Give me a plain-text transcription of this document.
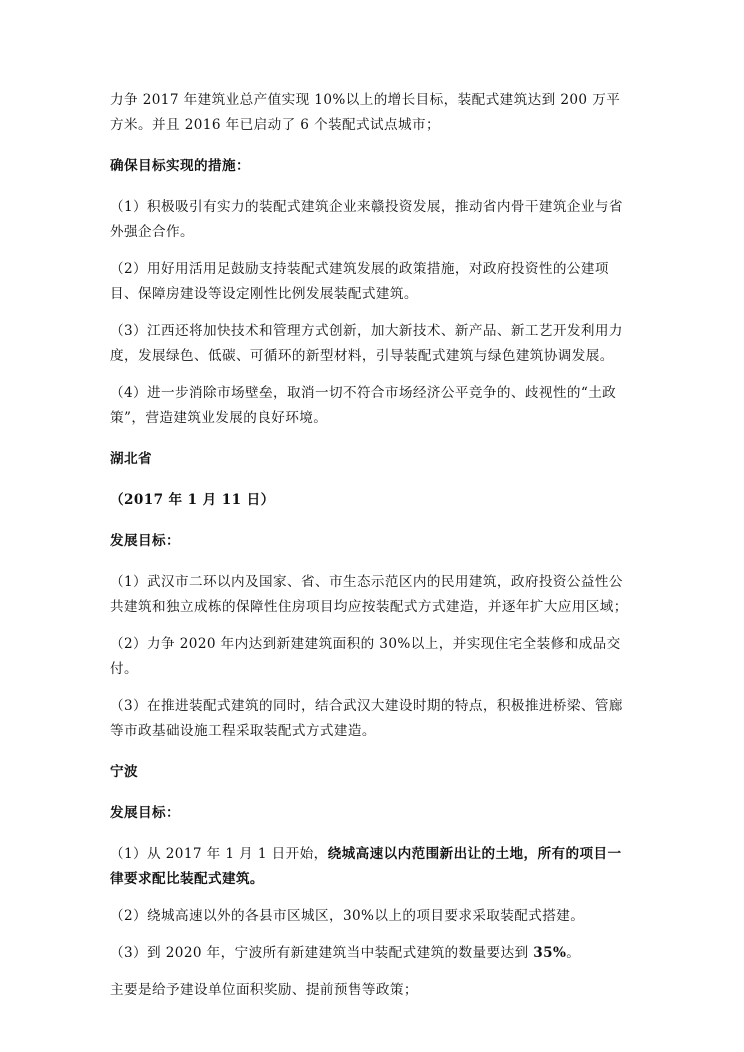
力争 2017 年建筑业总产值实现 10%以上的增长目标，装配式建筑达到 200 万平方米。并且 2016 年已启动了 6 个装配式试点城市；

确保目标实现的措施：

（1）积极吸引有实力的装配式建筑企业来赣投资发展，推动省内骨干建筑企业与省外强企合作。

（2）用好用活用足鼓励支持装配式建筑发展的政策措施，对政府投资性的公建项目、保障房建设等设定刚性比例发展装配式建筑。

（3）江西还将加快技术和管理方式创新，加大新技术、新产品、新工艺开发利用力度，发展绿色、低碳、可循环的新型材料，引导装配式建筑与绿色建筑协调发展。

（4）进一步消除市场壁垒，取消一切不符合市场经济公平竞争的、歧视性的“土政策”，营造建筑业发展的良好环境。

湖北省

（2017 年 1 月 11 日）

发展目标：

（1）武汉市二环以内及国家、省、市生态示范区内的民用建筑，政府投资公益性公共建筑和独立成栋的保障性住房项目均应按装配式方式建造，并逐年扩大应用区域；

（2）力争 2020 年内达到新建建筑面积的 30%以上，并实现住宅全装修和成品交付。

（3）在推进装配式建筑的同时，结合武汉大建设时期的特点，积极推进桥梁、管廊等市政基础设施工程采取装配式方式建造。

宁波

发展目标：

（1）从 2017 年 1 月 1 日开始，绕城高速以内范围新出让的土地，所有的项目一律要求配比装配式建筑。

（2）绕城高速以外的各县市区城区，30%以上的项目要求采取装配式搭建。

（3）到 2020 年，宁波所有新建建筑当中装配式建筑的数量要达到 35%。

主要是给予建设单位面积奖励、提前预售等政策；
